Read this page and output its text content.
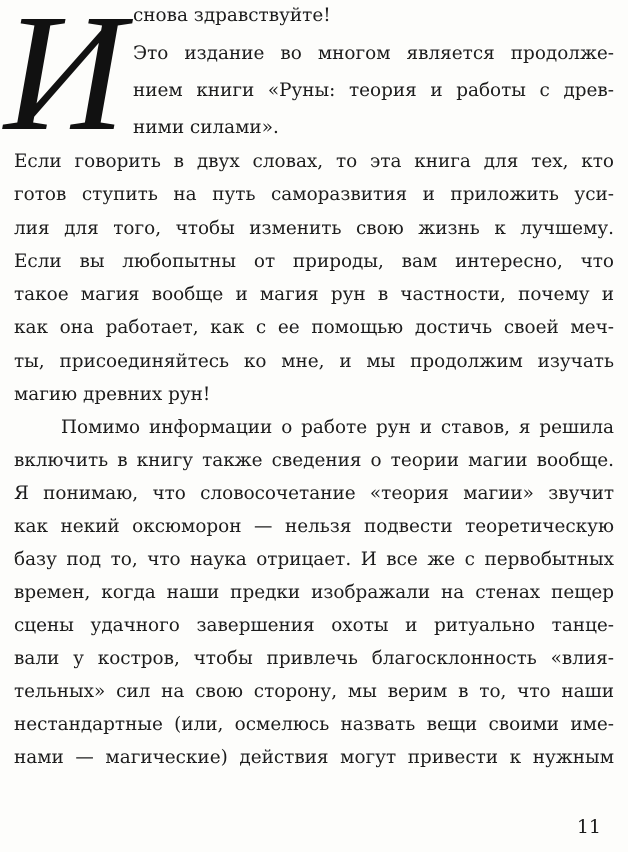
И снова здравствуйте!
Это издание во многом является продолже-
нием книги «Руны: теория и работы с древ-
ними силами».
Если говорить в двух словах, то эта книга для тех, кто
готов ступить на путь саморазвития и приложить уси-
лия для того, чтобы изменить свою жизнь к лучшему.
Если вы любопытны от природы, вам интересно, что
такое магия вообще и магия рун в частности, почему и
как она работает, как с ее помощью достичь своей меч-
ты, присоединяйтесь ко мне, и мы продолжим изучать
магию древних рун!
Помимо информации о работе рун и ставов, я решила
включить в книгу также сведения о теории магии вообще.
Я понимаю, что словосочетание «теория магии» звучит
как некий оксюморон — нельзя подвести теоретическую
базу под то, что наука отрицает. И все же с первобытных
времен, когда наши предки изображали на стенах пещер
сцены удачного завершения охоты и ритуально танце-
вали у костров, чтобы привлечь благосклонность «влия-
тельных» сил на свою сторону, мы верим в то, что наши
нестандартные (или, осмелюсь назвать вещи своими име-
нами — магические) действия могут привести к нужным
11
